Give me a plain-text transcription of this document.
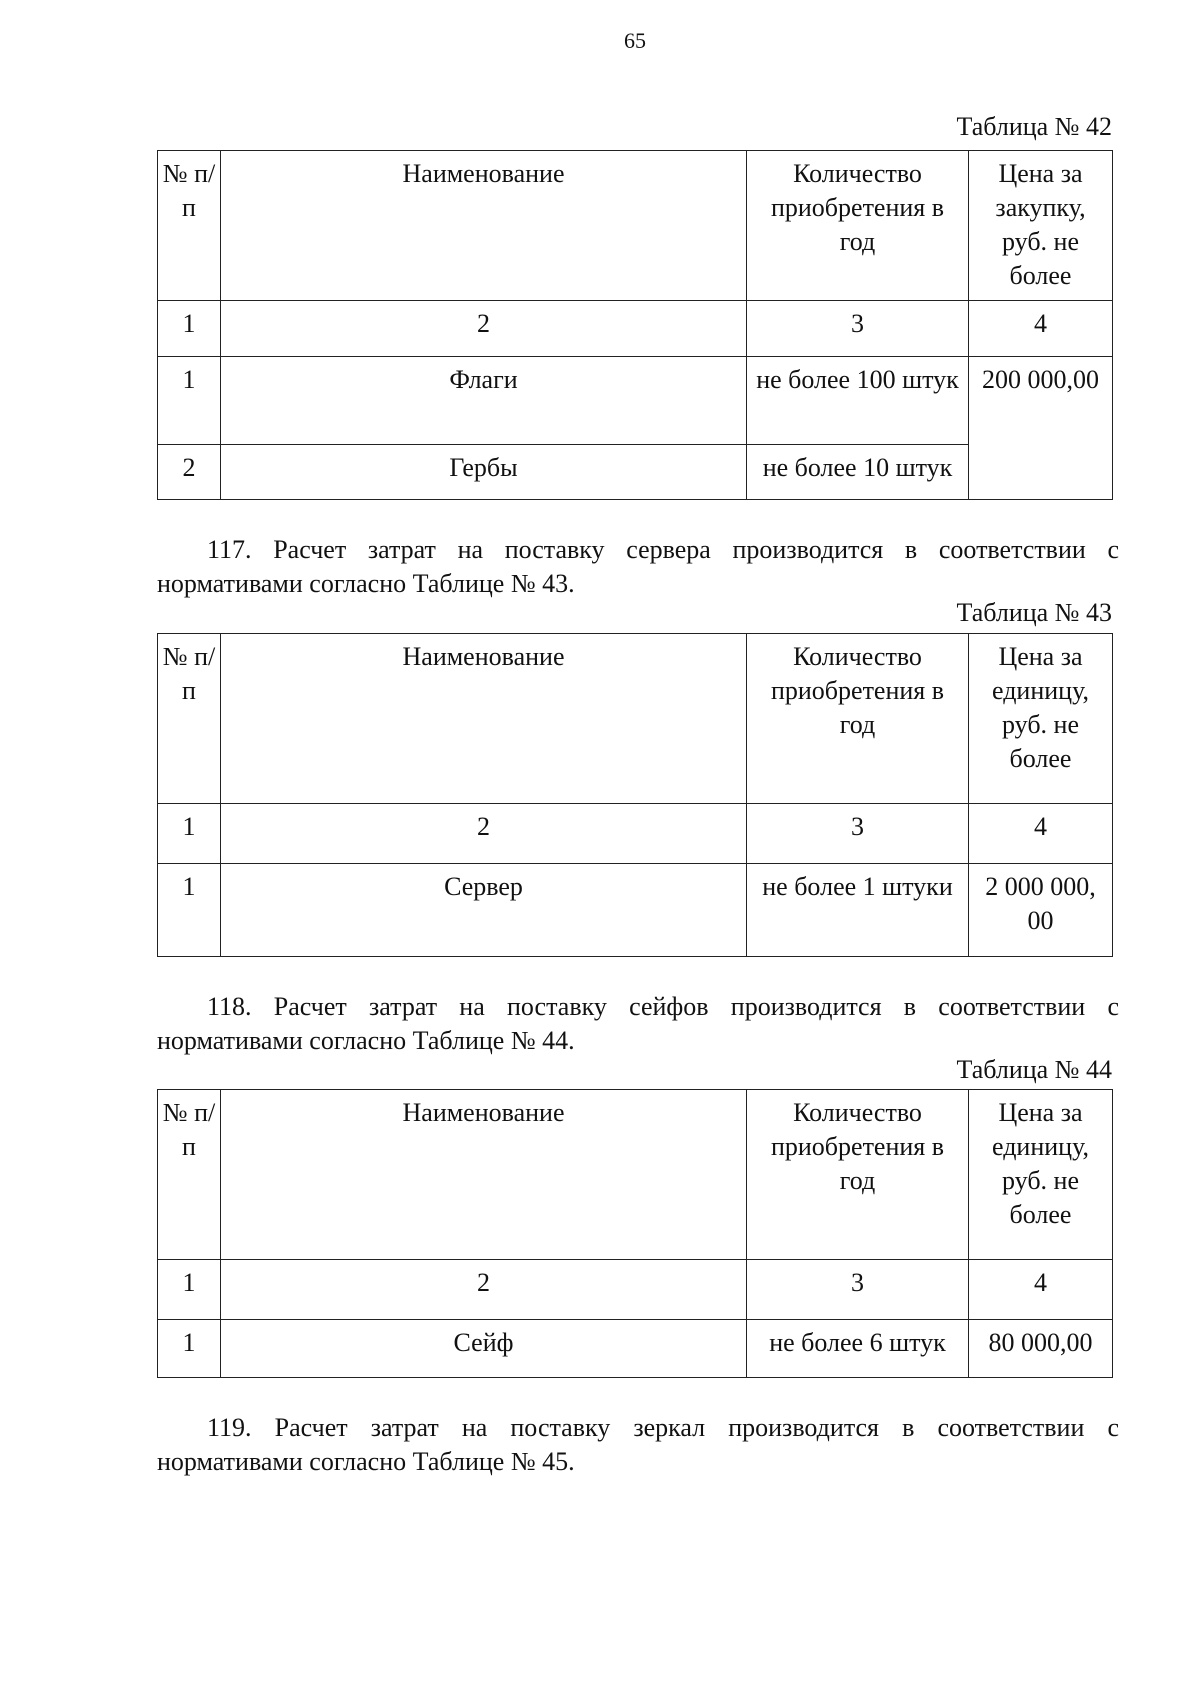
65
Таблица № 42
№ п/п	Наименование	Количество приобретения в год	Цена за закупку, руб. не более
1	2	3	4
1	Флаги	не более 100 штук	200 000,00
2	Гербы	не более 10 штук	
117. Расчет затрат на поставку сервера производится в соответствии с
нормативами согласно Таблице № 43.
Таблица № 43
№ п/п	Наименование	Количество приобретения в год	Цена за единицу, руб. не более
1	2	3	4
1	Сервер	не более 1 штуки	2 000 000, 00
118. Расчет затрат на поставку сейфов производится в соответствии с
нормативами согласно Таблице № 44.
Таблица № 44
№ п/п	Наименование	Количество приобретения в год	Цена за единицу, руб. не более
1	2	3	4
1	Сейф	не более 6 штук	80 000,00
119. Расчет затрат на поставку зеркал производится в соответствии с
нормативами согласно Таблице № 45.
